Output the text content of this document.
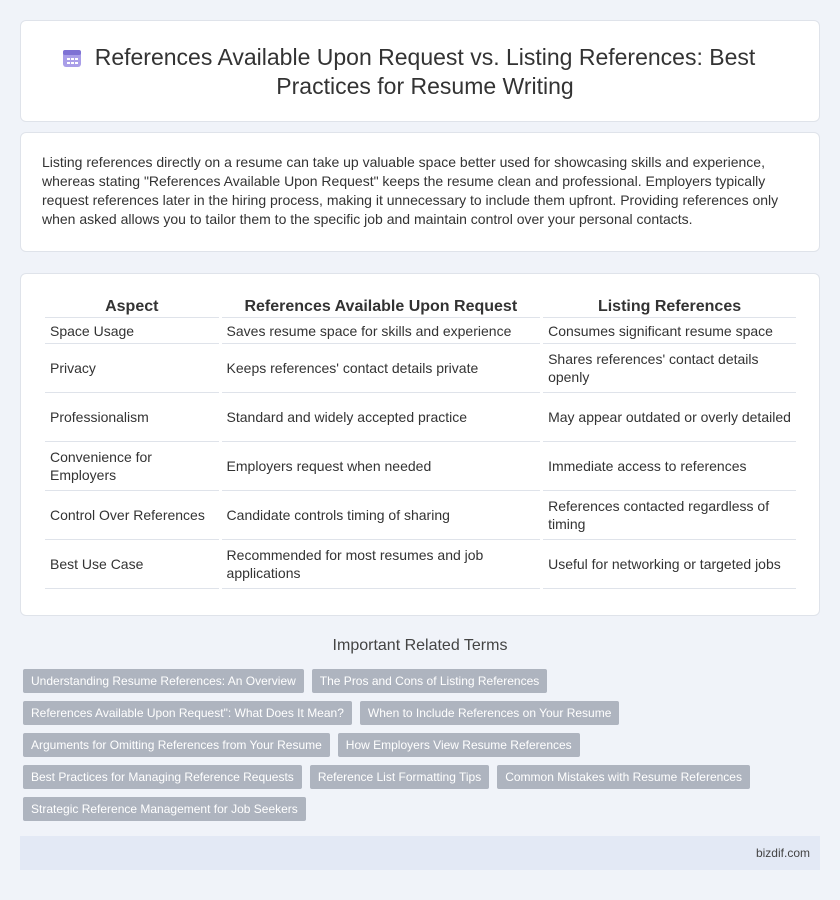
References Available Upon Request vs. Listing References: Best Practices for Resume Writing

Listing references directly on a resume can take up valuable space better used for showcasing skills and experience, whereas stating "References Available Upon Request" keeps the resume clean and professional. Employers typically request references later in the hiring process, making it unnecessary to include them upfront. Providing references only when asked allows you to tailor them to the specific job and maintain control over your personal contacts.

Aspect	References Available Upon Request	Listing References
Space Usage	Saves resume space for skills and experience	Consumes significant resume space
Privacy	Keeps references' contact details private	Shares references' contact details openly
Professionalism	Standard and widely accepted practice	May appear outdated or overly detailed
Convenience for Employers	Employers request when needed	Immediate access to references
Control Over References	Candidate controls timing of sharing	References contacted regardless of timing
Best Use Case	Recommended for most resumes and job applications	Useful for networking or targeted jobs
Important Related Terms
Understanding Resume References: An Overview	The Pros and Cons of Listing References
References Available Upon Request": What Does It Mean?	When to Include References on Your Resume
Arguments for Omitting References from Your Resume	How Employers View Resume References
Best Practices for Managing Reference Requests	Reference List Formatting Tips	Common Mistakes with Resume References
Strategic Reference Management for Job Seekers
bizdif.com
